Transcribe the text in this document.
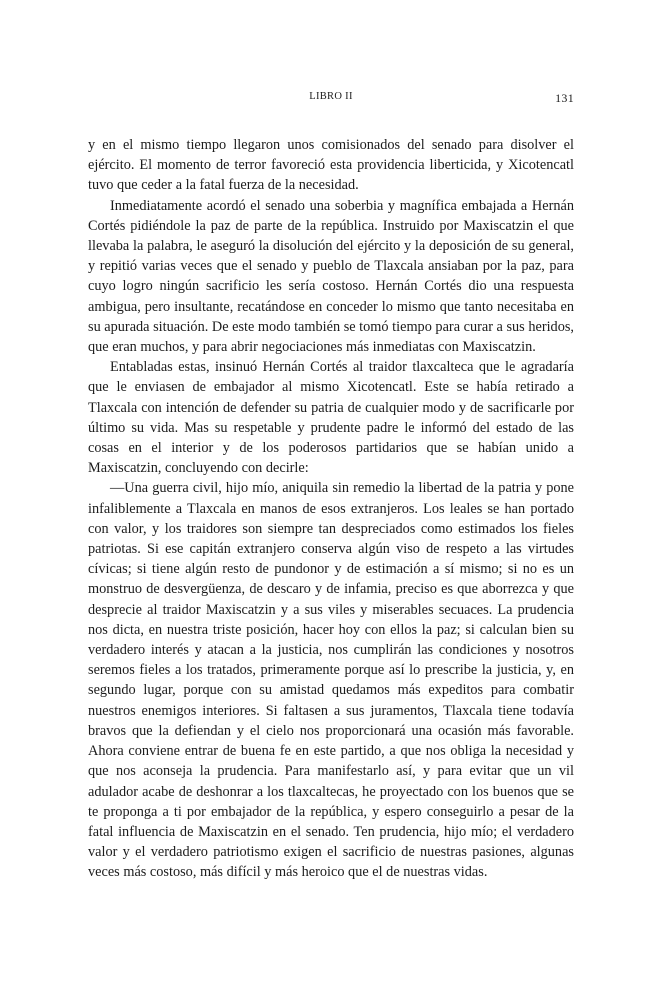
LIBRO II	131

y en el mismo tiempo llegaron unos comisionados del senado para disolver el ejército. El momento de terror favoreció esta providencia liberticida, y Xicotencatl tuvo que ceder a la fatal fuerza de la necesidad.

Inmediatamente acordó el senado una soberbia y magnífica embajada a Hernán Cortés pidiéndole la paz de parte de la república. Instruido por Maxiscatzin el que llevaba la palabra, le aseguró la disolución del ejército y la deposición de su general, y repitió varias veces que el senado y pueblo de Tlaxcala ansiaban por la paz, para cuyo logro ningún sacrificio les sería costoso. Hernán Cortés dio una respuesta ambigua, pero insultante, recatándose en conceder lo mismo que tanto necesitaba en su apurada situación. De este modo también se tomó tiempo para curar a sus heridos, que eran muchos, y para abrir negociaciones más inmediatas con Maxiscatzin.

Entabladas estas, insinuó Hernán Cortés al traidor tlaxcalteca que le agradaría que le enviasen de embajador al mismo Xicotencatl. Este se había retirado a Tlaxcala con intención de defender su patria de cualquier modo y de sacrificarle por último su vida. Mas su respetable y prudente padre le informó del estado de las cosas en el interior y de los poderosos partidarios que se habían unido a Maxiscatzin, concluyendo con decirle:

—Una guerra civil, hijo mío, aniquila sin remedio la libertad de la patria y pone infaliblemente a Tlaxcala en manos de esos extranjeros. Los leales se han portado con valor, y los traidores son siempre tan despreciados como estimados los fieles patriotas. Si ese capitán extranjero conserva algún viso de respeto a las virtudes cívicas; si tiene algún resto de pundonor y de estimación a sí mismo; si no es un monstruo de desvergüenza, de descaro y de infamia, preciso es que aborrezca y que desprecie al traidor Maxiscatzin y a sus viles y miserables secuaces. La prudencia nos dicta, en nuestra triste posición, hacer hoy con ellos la paz; si calculan bien su verdadero interés y atacan a la justicia, nos cumplirán las condiciones y nosotros seremos fieles a los tratados, primeramente porque así lo prescribe la justicia, y, en segundo lugar, porque con su amistad quedamos más expeditos para combatir nuestros enemigos interiores. Si faltasen a sus juramentos, Tlaxcala tiene todavía bravos que la defiendan y el cielo nos proporcionará una ocasión más favorable. Ahora conviene entrar de buena fe en este partido, a que nos obliga la necesidad y que nos aconseja la prudencia. Para manifestarlo así, y para evitar que un vil adulador acabe de deshonrar a los tlaxcaltecas, he proyectado con los buenos que se te proponga a ti por embajador de la república, y espero conseguirlo a pesar de la fatal influencia de Maxiscatzin en el senado. Ten prudencia, hijo mío; el verdadero valor y el verdadero patriotismo exigen el sacrificio de nuestras pasiones, algunas veces más costoso, más difícil y más heroico que el de nuestras vidas.
